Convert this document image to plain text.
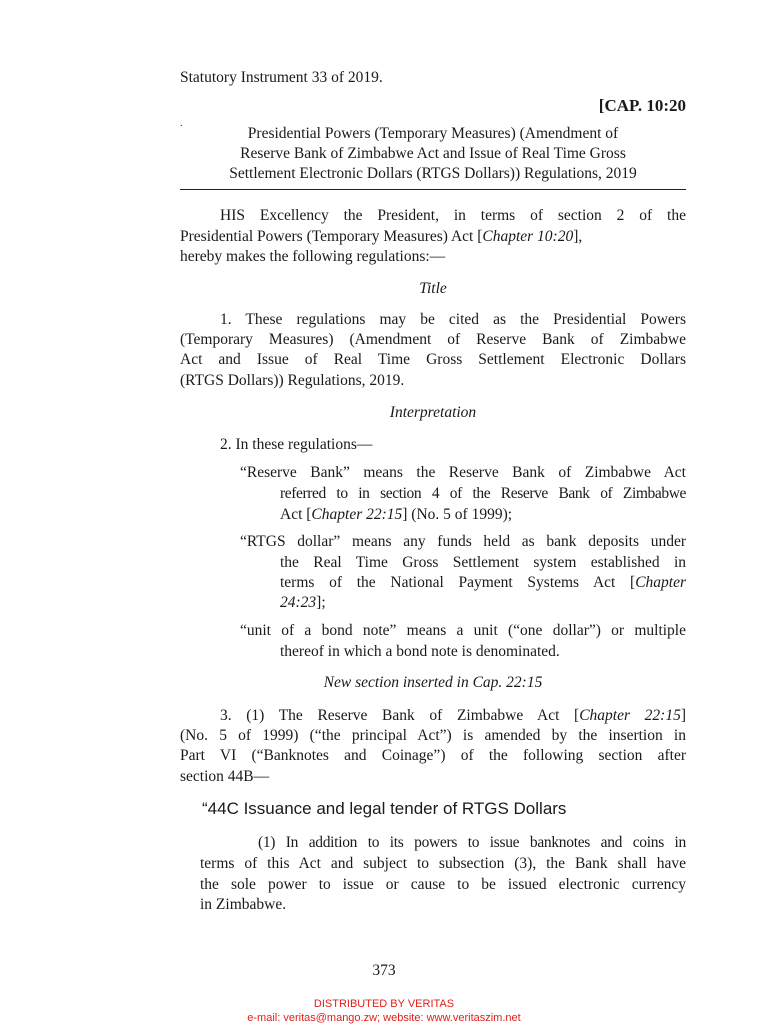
Statutory Instrument 33 of 2019.
[CAP. 10:20
.
Presidential Powers (Temporary Measures) (Amendment of
Reserve Bank of Zimbabwe Act and Issue of Real Time Gross
Settlement Electronic Dollars (RTGS Dollars)) Regulations, 2019
HIS Excellency the President, in terms of section 2 of the
Presidential Powers (Temporary Measures) Act [Chapter 10:20],
hereby makes the following regulations:—
Title
1. These regulations may be cited as the Presidential Powers
(Temporary Measures) (Amendment of Reserve Bank of Zimbabwe
Act and Issue of Real Time Gross Settlement Electronic Dollars
(RTGS Dollars)) Regulations, 2019.
Interpretation
2. In these regulations—
“Reserve Bank” means the Reserve Bank of Zimbabwe Act
referred to in section 4 of the Reserve Bank of Zimbabwe
Act [Chapter 22:15] (No. 5 of 1999);
“RTGS dollar” means any funds held as bank deposits under
the Real Time Gross Settlement system established in
terms of the National Payment Systems Act [Chapter
24:23];
“unit of a bond note” means a unit (“one dollar”) or multiple
thereof in which a bond note is denominated.
New section inserted in Cap. 22:15
3. (1) The Reserve Bank of Zimbabwe Act [Chapter 22:15]
(No. 5 of 1999) (“the principal Act”) is amended by the insertion in
Part VI (“Banknotes and Coinage”) of the following section after
section 44B—
“44C Issuance and legal tender of RTGS Dollars
(1) In addition to its powers to issue banknotes and coins in
terms of this Act and subject to subsection (3), the Bank shall have
the sole power to issue or cause to be issued electronic currency
in Zimbabwe.
373
DISTRIBUTED BY VERITAS
e-mail: veritas@mango.zw; website: www.veritaszim.net
